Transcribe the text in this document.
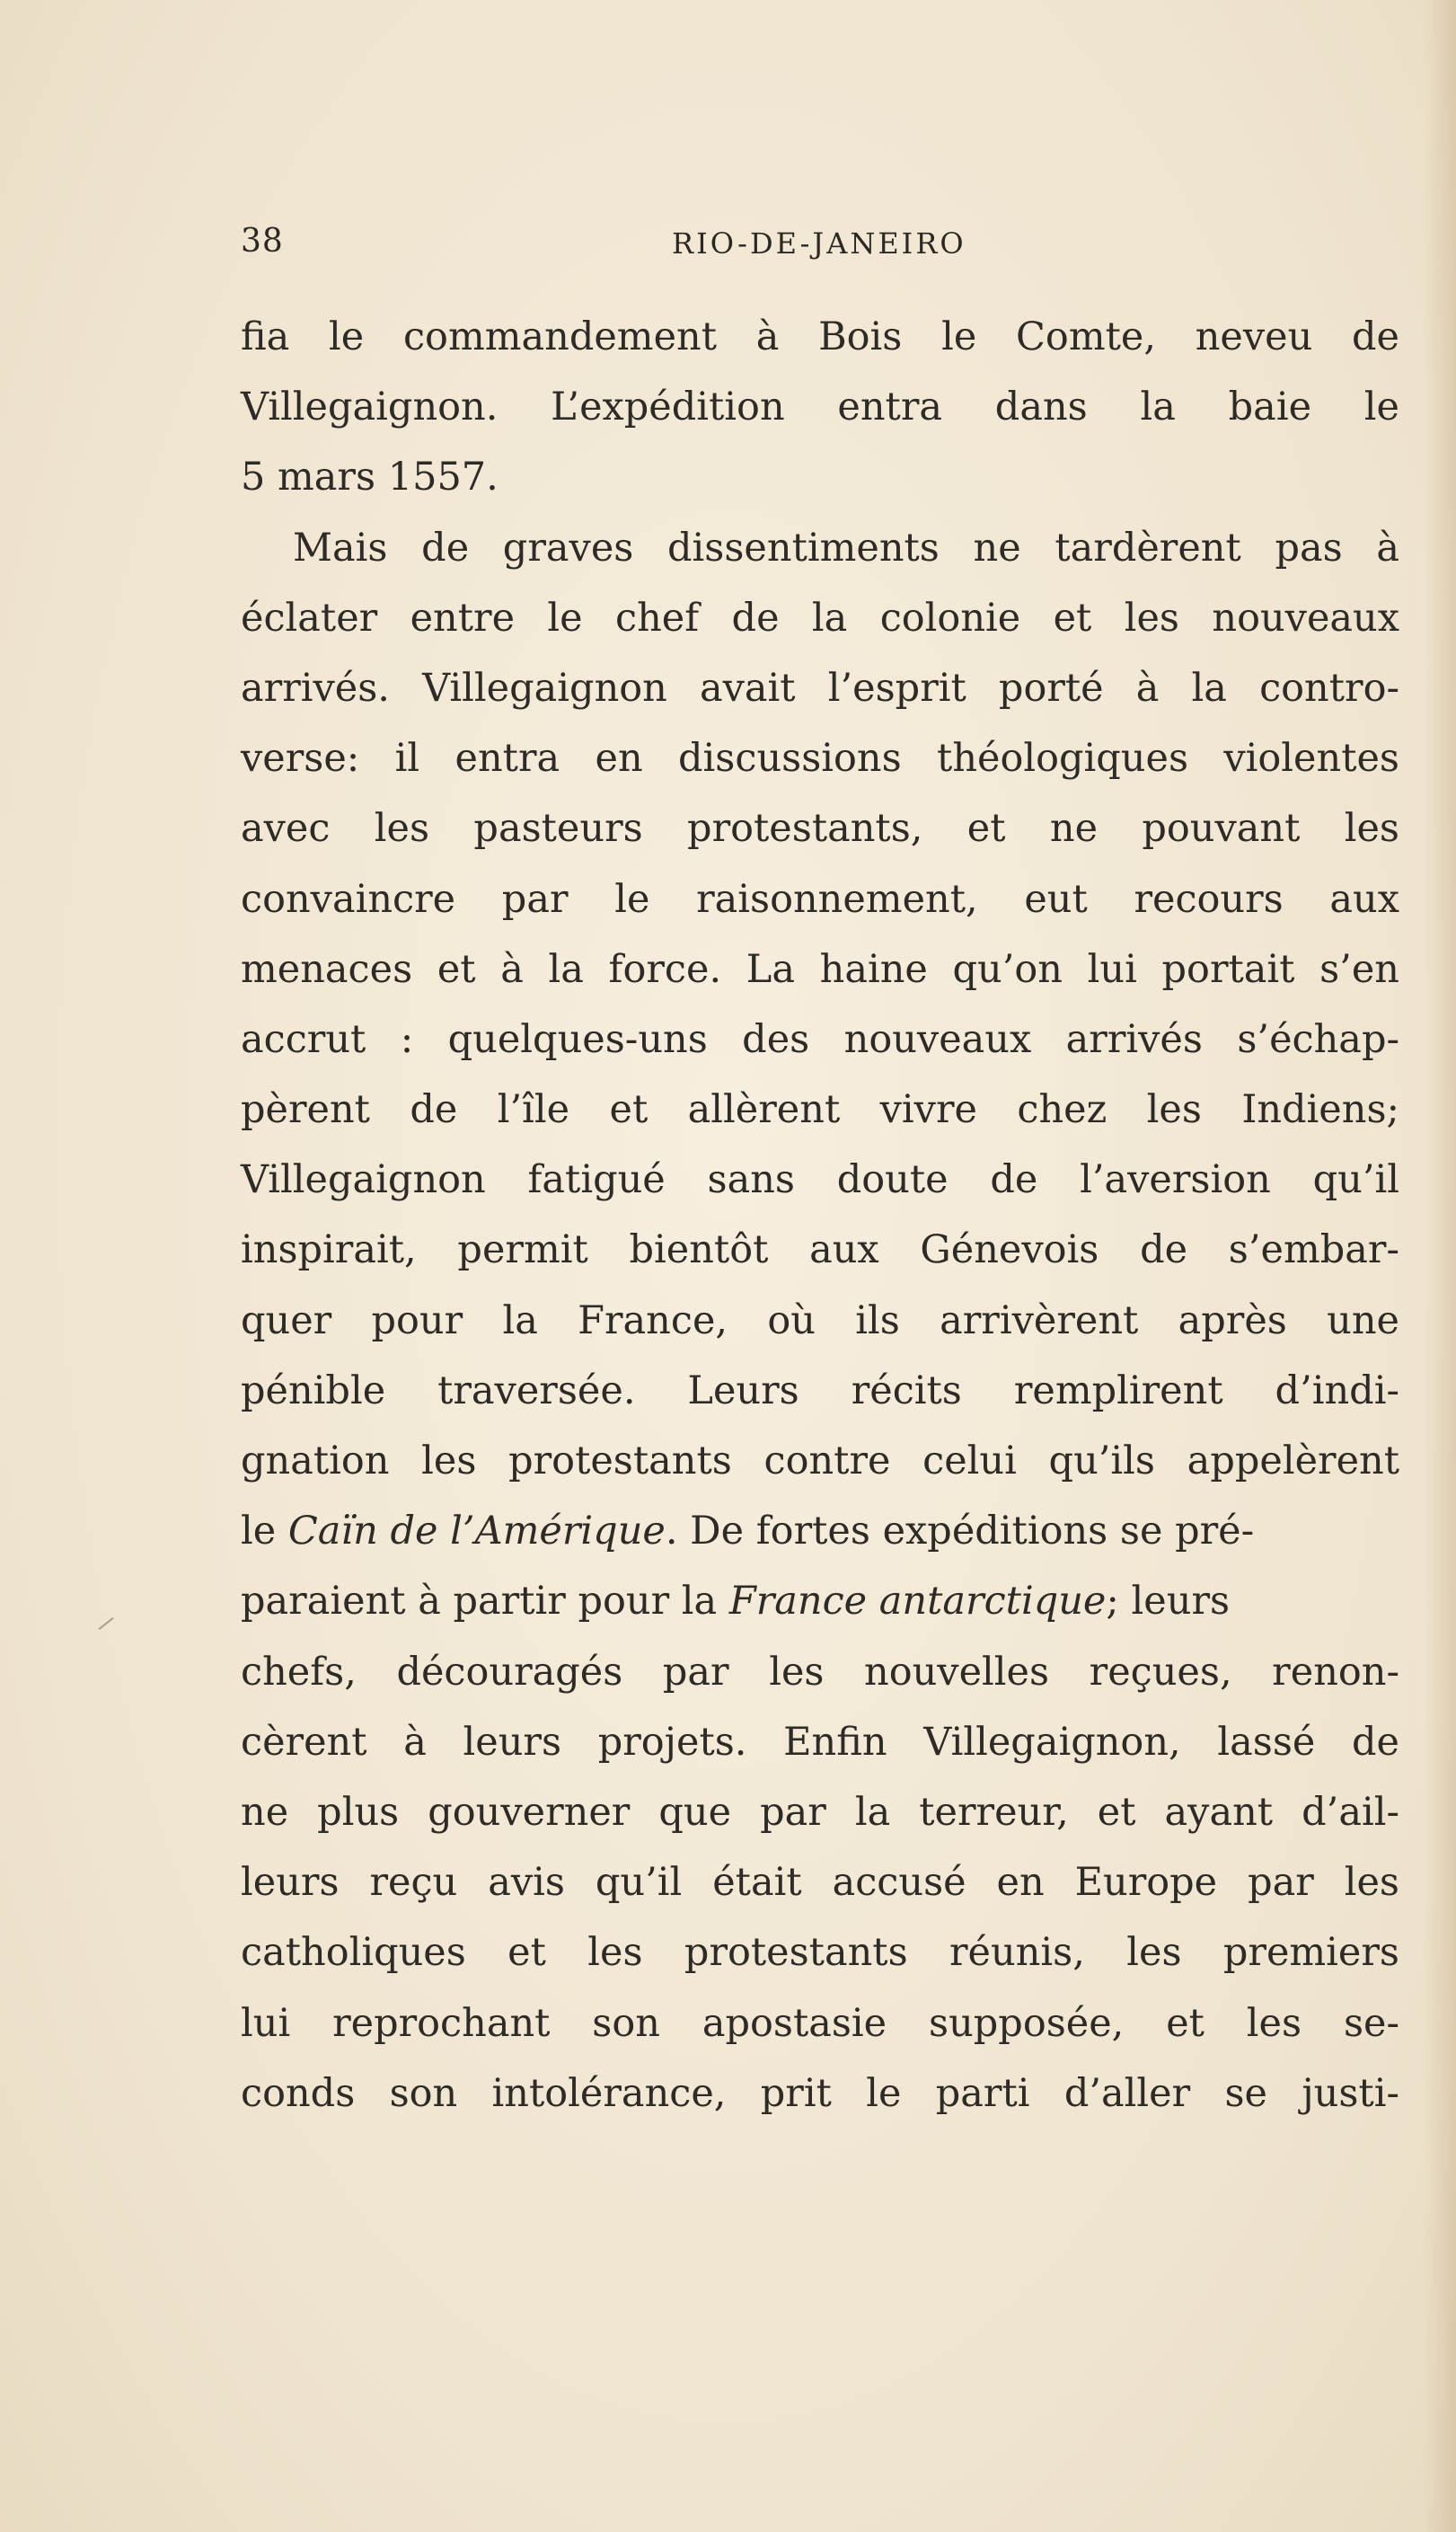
38	RIO-DE-JANEIRO
fia le commandement à Bois le Comte, neveu de
Villegaignon. L’expédition entra dans la baie le
5 mars 1557.
Mais de graves dissentiments ne tardèrent pas à
éclater entre le chef de la colonie et les nouveaux
arrivés. Villegaignon avait l’esprit porté à la contro-
verse: il entra en discussions théologiques violentes
avec les pasteurs protestants, et ne pouvant les
convaincre par le raisonnement, eut recours aux
menaces et à la force. La haine qu’on lui portait s’en
accrut : quelques-uns des nouveaux arrivés s’échap-
pèrent de l’île et allèrent vivre chez les Indiens;
Villegaignon fatigué sans doute de l’aversion qu’il
inspirait, permit bientôt aux Génevois de s’embar-
quer pour la France, où ils arrivèrent après une
pénible traversée. Leurs récits remplirent d’indi-
gnation les protestants contre celui qu’ils appelèrent
le Caïn de l’Amérique. De fortes expéditions se pré-
paraient à partir pour la France antarctique; leurs
chefs, découragés par les nouvelles reçues, renon-
cèrent à leurs projets. Enfin Villegaignon, lassé de
ne plus gouverner que par la terreur, et ayant d’ail-
leurs reçu avis qu’il était accusé en Europe par les
catholiques et les protestants réunis, les premiers
lui reprochant son apostasie supposée, et les se-
conds son intolérance, prit le parti d’aller se justi-
